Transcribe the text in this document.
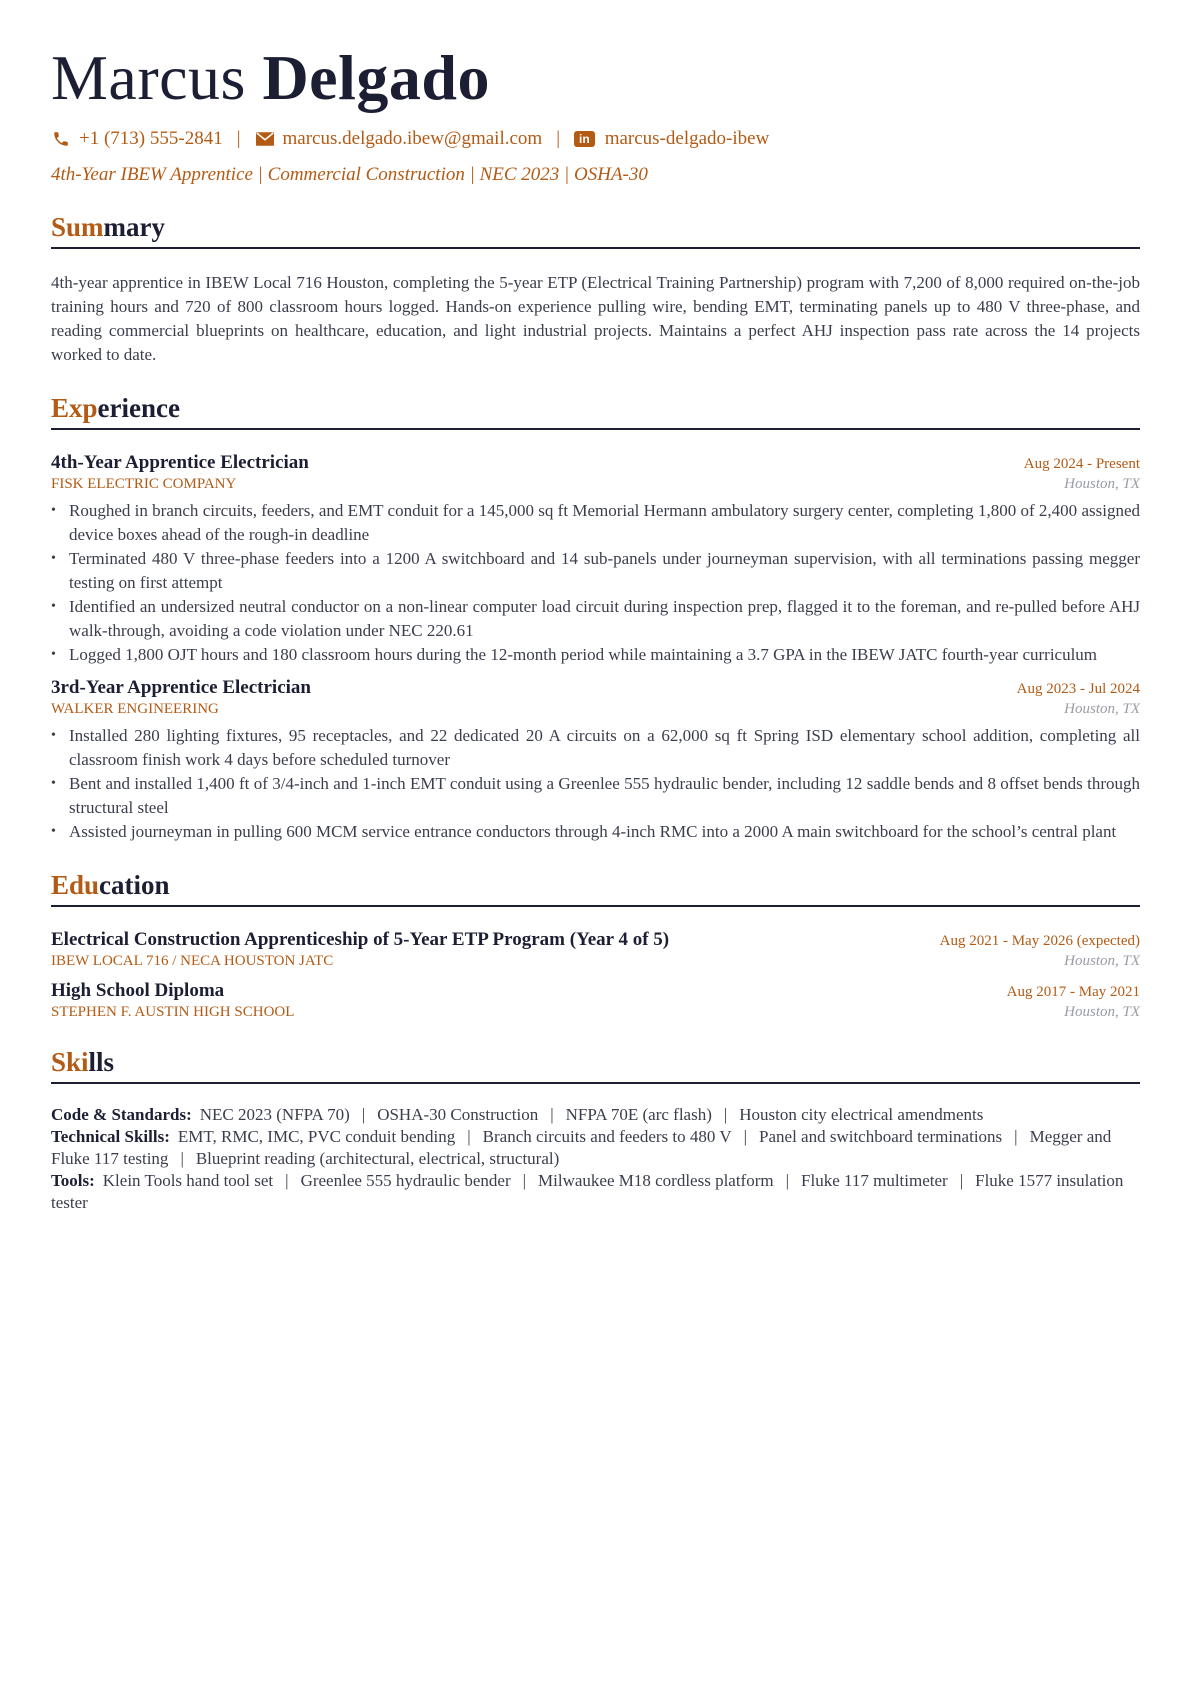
Marcus Delgado
+1 (713) 555-2841 | marcus.delgado.ibew@gmail.com |	in marcus-delgado-ibew
4th-Year IBEW Apprentice | Commercial Construction | NEC 2023 | OSHA-30
Summary
4th-year apprentice in IBEW Local 716 Houston, completing the 5-year ETP (Electrical Training Partnership) program with 7,200 of 8,000 required on-the-job training hours and 720 of 800 classroom hours logged. Hands-on experience pulling wire, bending EMT, terminating panels up to 480 V three-phase, and reading commercial blueprints on healthcare, education, and light industrial projects. Maintains a perfect AHJ inspection pass rate across the 14 projects worked to date.
Experience
4th-Year Apprentice Electrician	Aug 2024 - Present
FISK ELECTRIC COMPANY	Houston, TX
• Roughed in branch circuits, feeders, and EMT conduit for a 145,000 sq ft Memorial Hermann ambulatory surgery center, completing 1,800 of 2,400 assigned device boxes ahead of the rough-in deadline
• Terminated 480 V three-phase feeders into a 1200 A switchboard and 14 sub-panels under journeyman supervision, with all terminations passing megger testing on first attempt
• Identified an undersized neutral conductor on a non-linear computer load circuit during inspection prep, flagged it to the foreman, and re-pulled before AHJ walk-through, avoiding a code violation under NEC 220.61
• Logged 1,800 OJT hours and 180 classroom hours during the 12-month period while maintaining a 3.7 GPA in the IBEW JATC fourth-year curriculum
3rd-Year Apprentice Electrician	Aug 2023 - Jul 2024
WALKER ENGINEERING	Houston, TX
• Installed 280 lighting fixtures, 95 receptacles, and 22 dedicated 20 A circuits on a 62,000 sq ft Spring ISD elementary school addition, completing all classroom finish work 4 days before scheduled turnover
• Bent and installed 1,400 ft of 3/4-inch and 1-inch EMT conduit using a Greenlee 555 hydraulic bender, including 12 saddle bends and 8 offset bends through structural steel
• Assisted journeyman in pulling 600 MCM service entrance conductors through 4-inch RMC into a 2000 A main switchboard for the school’s central plant
Education
Electrical Construction Apprenticeship of 5-Year ETP Program (Year 4 of 5)	Aug 2021 - May 2026 (expected)
IBEW LOCAL 716 / NECA HOUSTON JATC	Houston, TX
High School Diploma	Aug 2017 - May 2021
STEPHEN F. AUSTIN HIGH SCHOOL	Houston, TX
Skills
Code & Standards: NEC 2023 (NFPA 70) | OSHA-30 Construction | NFPA 70E (arc flash) | Houston city electrical amendments
Technical Skills: EMT, RMC, IMC, PVC conduit bending | Branch circuits and feeders to 480 V | Panel and switchboard terminations | Megger and Fluke 117 testing | Blueprint reading (architectural, electrical, structural)
Tools: Klein Tools hand tool set | Greenlee 555 hydraulic bender | Milwaukee M18 cordless platform | Fluke 117 multimeter | Fluke 1577 insulation tester
